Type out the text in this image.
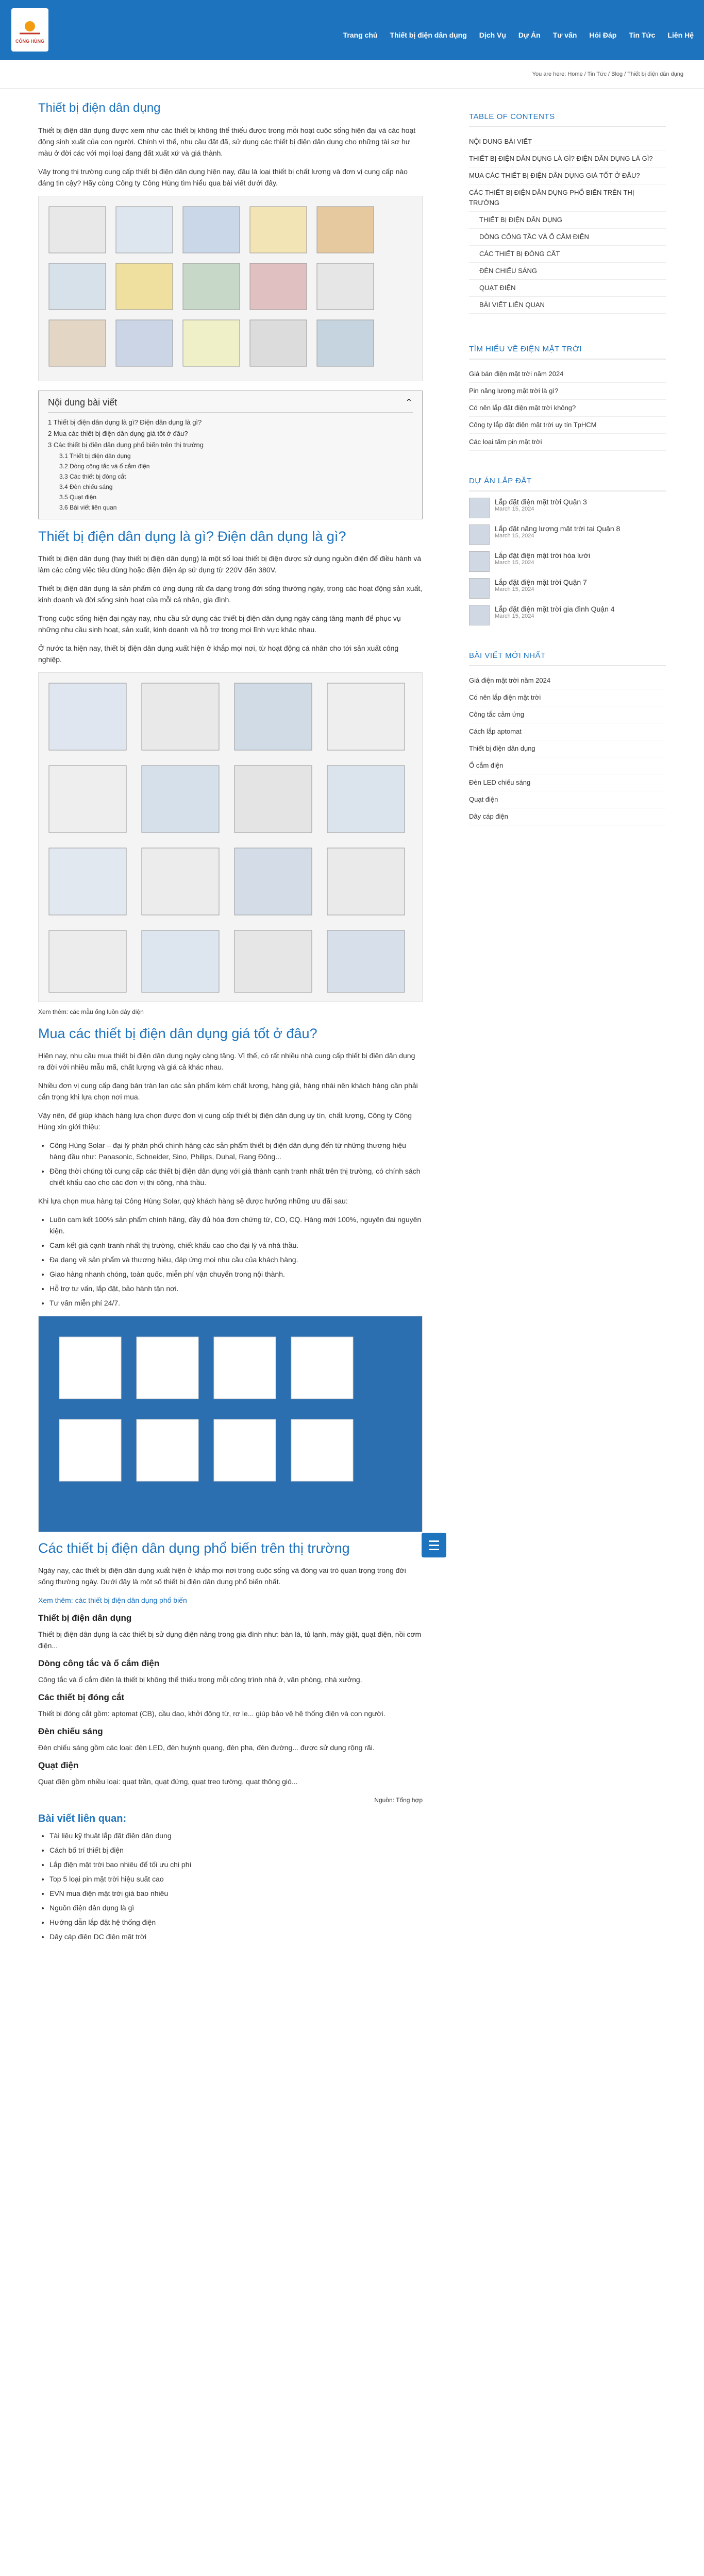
CÔNG HÙNG
Trang chủ Thiết bị điện dân dụng Dịch Vụ Dự Án Tư vấn Hỏi Đáp Tin Tức Liên Hệ
You are here: Home / Tin Tức / Blog / Thiết bị điện dân dụng
Thiết bị điện dân dụng
Thiết bị điện dân dụng được xem như các thiết bị không thể thiếu được trong mỗi hoạt cuộc sống hiện đại và các hoạt động sinh xuất của con người. Chính vì thế, nhu cầu đặt đã, sử dụng các thiết bị điện dân dụng cho những tài sơ hư màu ở đời các với mọi loại đang đất xuất xứ và giá thành.
Vậy trong thị trường cung cấp thiết bị điện dân dụng hiện nay, đâu là loại thiết bị chất lượng và đơn vị cung cấp nào đáng tin cậy? Hãy cùng Công ty Công Hùng tìm hiểu qua bài viết dưới đây.
Nội dung bài viết	⌃
1 Thiết bị điện dân dụng là gì? Điện dân dụng là gì?
2 Mua các thiết bị điện dân dụng giá tốt ở đâu?
3 Các thiết bị điện dân dụng phổ biến trên thị trường
3.1 Thiết bị điện dân dụng
3.2 Dòng công tắc và ổ cắm điện
3.3 Các thiết bị đóng cắt
3.4 Đèn chiếu sáng
3.5 Quạt điện
3.6 Bài viết liên quan
Thiết bị điện dân dụng là gì? Điện dân dụng là gì?
Thiết bị điện dân dụng (hay thiết bị điện dân dụng) là một số loại thiết bị điện được sử dụng nguồn điện để điều hành và làm các công việc tiêu dùng hoặc điện điện áp sử dụng từ 220V đến 380V.
Thiết bị điện dân dụng là sản phẩm có ứng dụng rất đa dạng trong đời sống thường ngày, trong các hoạt động sản xuất, kinh doanh và đời sống sinh hoạt của mỗi cá nhân, gia đình.
Trong cuộc sống hiện đại ngày nay, nhu cầu sử dụng các thiết bị điện dân dụng ngày càng tăng mạnh để phục vụ những nhu cầu sinh hoạt, sản xuất, kinh doanh và hỗ trợ trong mọi lĩnh vực khác nhau.
Ở nước ta hiện nay, thiết bị điện dân dụng xuất hiện ở khắp mọi nơi, từ hoạt động cá nhân cho tới sản xuất công nghiệp.
Xem thêm: các mẫu ống luồn dây điện
Mua các thiết bị điện dân dụng giá tốt ở đâu?
Hiện nay, nhu cầu mua thiết bị điện dân dụng ngày càng tăng. Vì thế, có rất nhiều nhà cung cấp thiết bị điện dân dụng ra đời với nhiều mẫu mã, chất lượng và giá cả khác nhau.
Nhiều đơn vị cung cấp đang bán tràn lan các sản phẩm kém chất lượng, hàng giả, hàng nhái nên khách hàng cần phải cẩn trọng khi lựa chọn nơi mua.
Vậy nên, để giúp khách hàng lựa chọn được đơn vị cung cấp thiết bị điện dân dụng uy tín, chất lượng, Công ty Công Hùng xin giới thiệu:
• Công Hùng Solar – đại lý phân phối chính hãng các sản phẩm thiết bị điện dân dụng đến từ những thương hiệu hàng đầu như: Panasonic, Schneider, Sino, Philips, Duhal, Rạng Đông...
• Đồng thời chúng tôi cung cấp các thiết bị điện dân dụng với giá thành cạnh tranh nhất trên thị trường, có chính sách chiết khấu cao cho các đơn vị thi công, nhà thầu.
Khi lựa chọn mua hàng tại Công Hùng Solar, quý khách hàng sẽ được hưởng những ưu đãi sau:
• Luôn cam kết 100% sản phẩm chính hãng, đầy đủ hóa đơn chứng từ, CO, CQ. Hàng mới 100%, nguyên đai nguyên kiện.
• Cam kết giá cạnh tranh nhất thị trường, chiết khấu cao cho đại lý và nhà thầu.
• Đa dạng về sản phẩm và thương hiệu, đáp ứng mọi nhu cầu của khách hàng.
• Giao hàng nhanh chóng, toàn quốc, miễn phí vận chuyển trong nội thành.
• Hỗ trợ tư vấn, lắp đặt, bảo hành tận nơi.
• Tư vấn miễn phí 24/7.
Các thiết bị điện dân dụng phổ biến trên thị trường
Ngày nay, các thiết bị điện dân dụng xuất hiện ở khắp mọi nơi trong cuộc sống và đóng vai trò quan trọng trong đời sống thường ngày. Dưới đây là một số thiết bị điện dân dụng phổ biến nhất.
Xem thêm: các thiết bị điện dân dụng phổ biến
Thiết bị điện dân dụng
Thiết bị điện dân dụng là các thiết bị sử dụng điện năng trong gia đình như: bàn là, tủ lạnh, máy giặt, quạt điện, nồi cơm điện...
Dòng công tắc và ổ cắm điện
Công tắc và ổ cắm điện là thiết bị không thể thiếu trong mỗi công trình nhà ở, văn phòng, nhà xưởng.
Các thiết bị đóng cắt
Thiết bị đóng cắt gồm: aptomat (CB), cầu dao, khởi động từ, rơ le... giúp bảo vệ hệ thống điện và con người.
Đèn chiếu sáng
Đèn chiếu sáng gồm các loại: đèn LED, đèn huỳnh quang, đèn pha, đèn đường... được sử dụng rộng rãi.
Quạt điện
Quạt điện gồm nhiều loại: quạt trần, quạt đứng, quạt treo tường, quạt thông gió...
Nguồn: Tổng hợp
Bài viết liên quan:
• Tài liệu kỹ thuật lắp đặt điện dân dụng
• Cách bố trí thiết bị điện
• Lắp điện mặt trời bao nhiêu để tối ưu chi phí
• Top 5 loại pin mặt trời hiệu suất cao
• EVN mua điện mặt trời giá bao nhiêu
• Nguồn điện dân dụng là gì
• Hướng dẫn lắp đặt hệ thống điện
• Dây cáp điện DC điện mặt trời
TABLE OF CONTENTS
NỘI DUNG BÀI VIẾT
THIẾT BỊ ĐIỆN DÂN DỤNG LÀ GÌ? ĐIỆN DÂN DỤNG LÀ GÌ?
MUA CÁC THIẾT BỊ ĐIỆN DÂN DỤNG GIÁ TỐT Ở ĐÂU?
CÁC THIẾT BỊ ĐIỆN DÂN DỤNG PHỔ BIẾN TRÊN THỊ TRƯỜNG
THIẾT BỊ ĐIỆN DÂN DỤNG
DÒNG CÔNG TẮC VÀ Ổ CẮM ĐIỆN
CÁC THIẾT BỊ ĐÓNG CẮT
ĐÈN CHIẾU SÁNG
QUẠT ĐIỆN
BÀI VIẾT LIÊN QUAN
TÌM HIỂU VỀ ĐIỆN MẶT TRỜI
Giá bán điện mặt trời năm 2024
Pin năng lượng mặt trời là gì?
Có nên lắp đặt điện mặt trời không?
Công ty lắp đặt điện mặt trời uy tín TpHCM
Các loại tấm pin mặt trời
DỰ ÁN LẮP ĐẶT
Lắp đặt điện mặt trời Quận 3
March 15, 2024
Lắp đặt năng lượng mặt trời tại Quận 8
March 15, 2024
Lắp đặt điện mặt trời hòa lưới
March 15, 2024
Lắp đặt điện mặt trời Quận 7
March 15, 2024
Lắp đặt điện mặt trời gia đình Quận 4
March 15, 2024
BÀI VIẾT MỚI NHẤT
Giá điện mặt trời năm 2024
Có nên lắp điện mặt trời
Công tắc cảm ứng
Cách lắp aptomat
Thiết bị điện dân dụng
Ổ cắm điện
Đèn LED chiếu sáng
Quạt điện
Dây cáp điện
